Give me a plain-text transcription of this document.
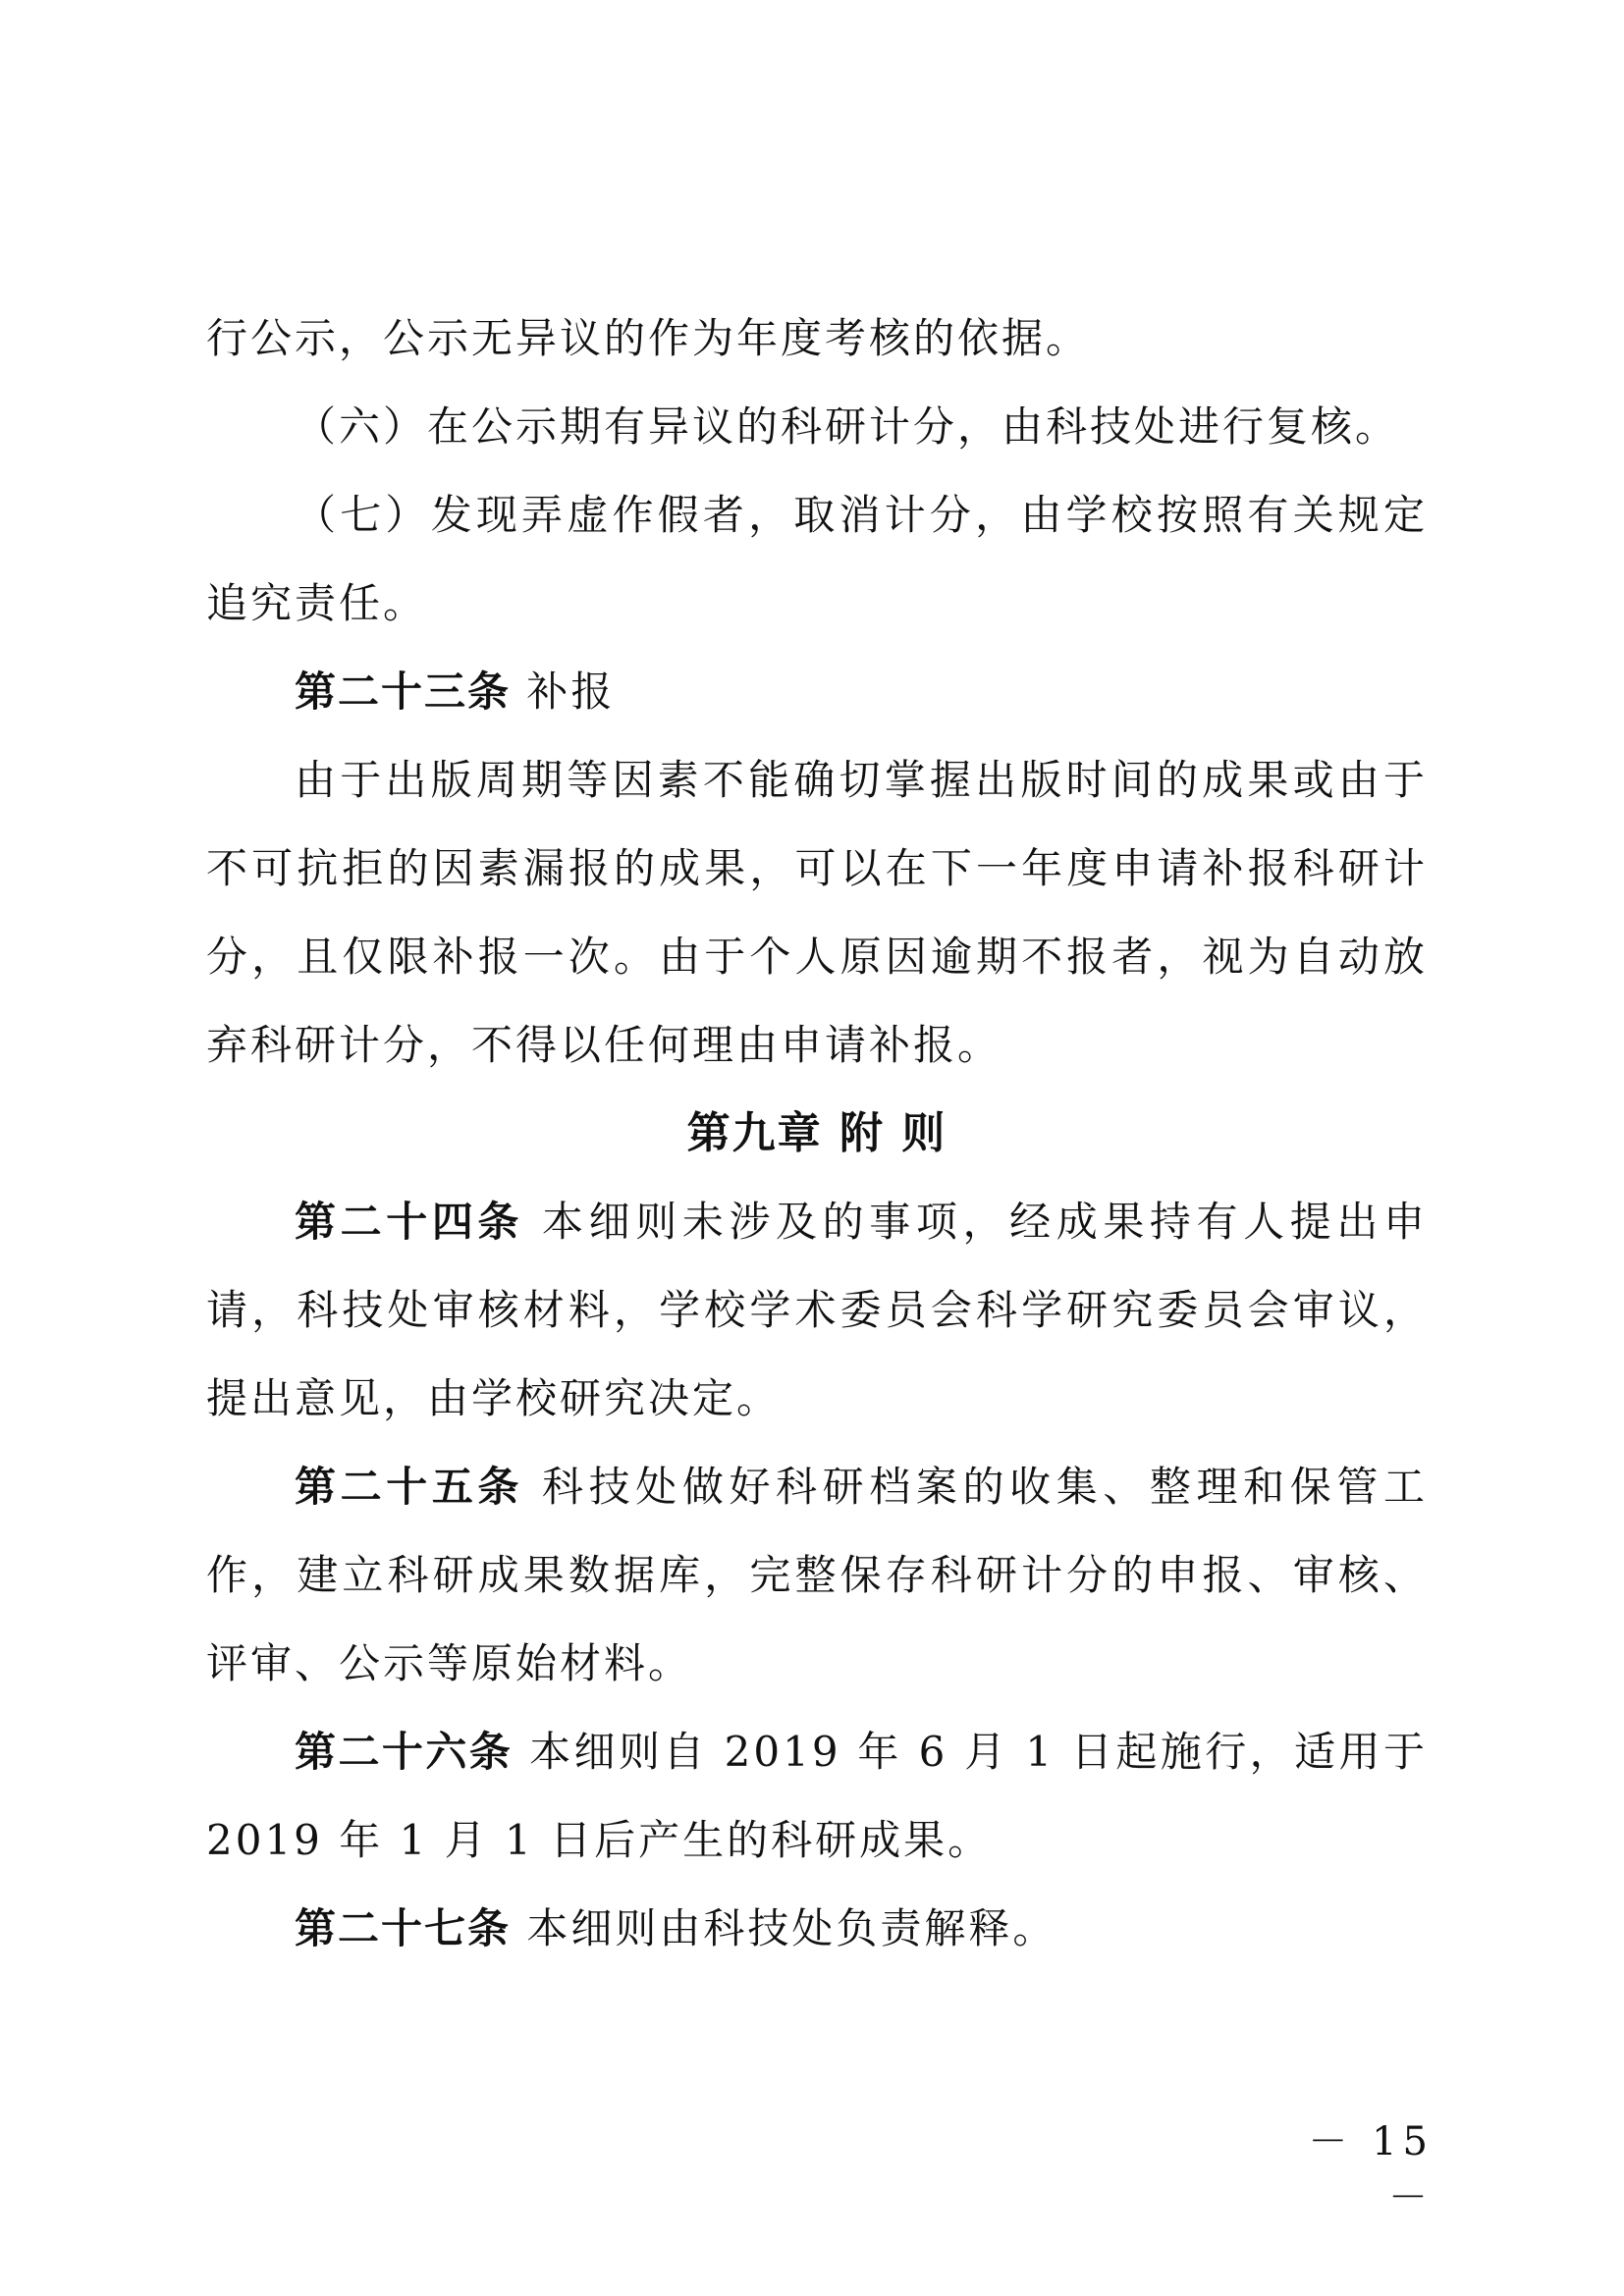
行公示，公示无异议的作为年度考核的依据。

（六）在公示期有异议的科研计分，由科技处进行复核。

（七）发现弄虚作假者，取消计分，由学校按照有关规定追究责任。

第二十三条 补报

由于出版周期等因素不能确切掌握出版时间的成果或由于不可抗拒的因素漏报的成果，可以在下一年度申请补报科研计分，且仅限补报一次。由于个人原因逾期不报者，视为自动放弃科研计分，不得以任何理由申请补报。

第九章 附 则

第二十四条 本细则未涉及的事项，经成果持有人提出申请，科技处审核材料，学校学术委员会科学研究委员会审议，提出意见，由学校研究决定。

第二十五条 科技处做好科研档案的收集、整理和保管工作，建立科研成果数据库，完整保存科研计分的申报、审核、评审、公示等原始材料。

第二十六条 本细则自 2019 年 6 月 1 日起施行，适用于 2019 年 1 月 1 日后产生的科研成果。

第二十七条 本细则由科技处负责解释。

－ 15 －
